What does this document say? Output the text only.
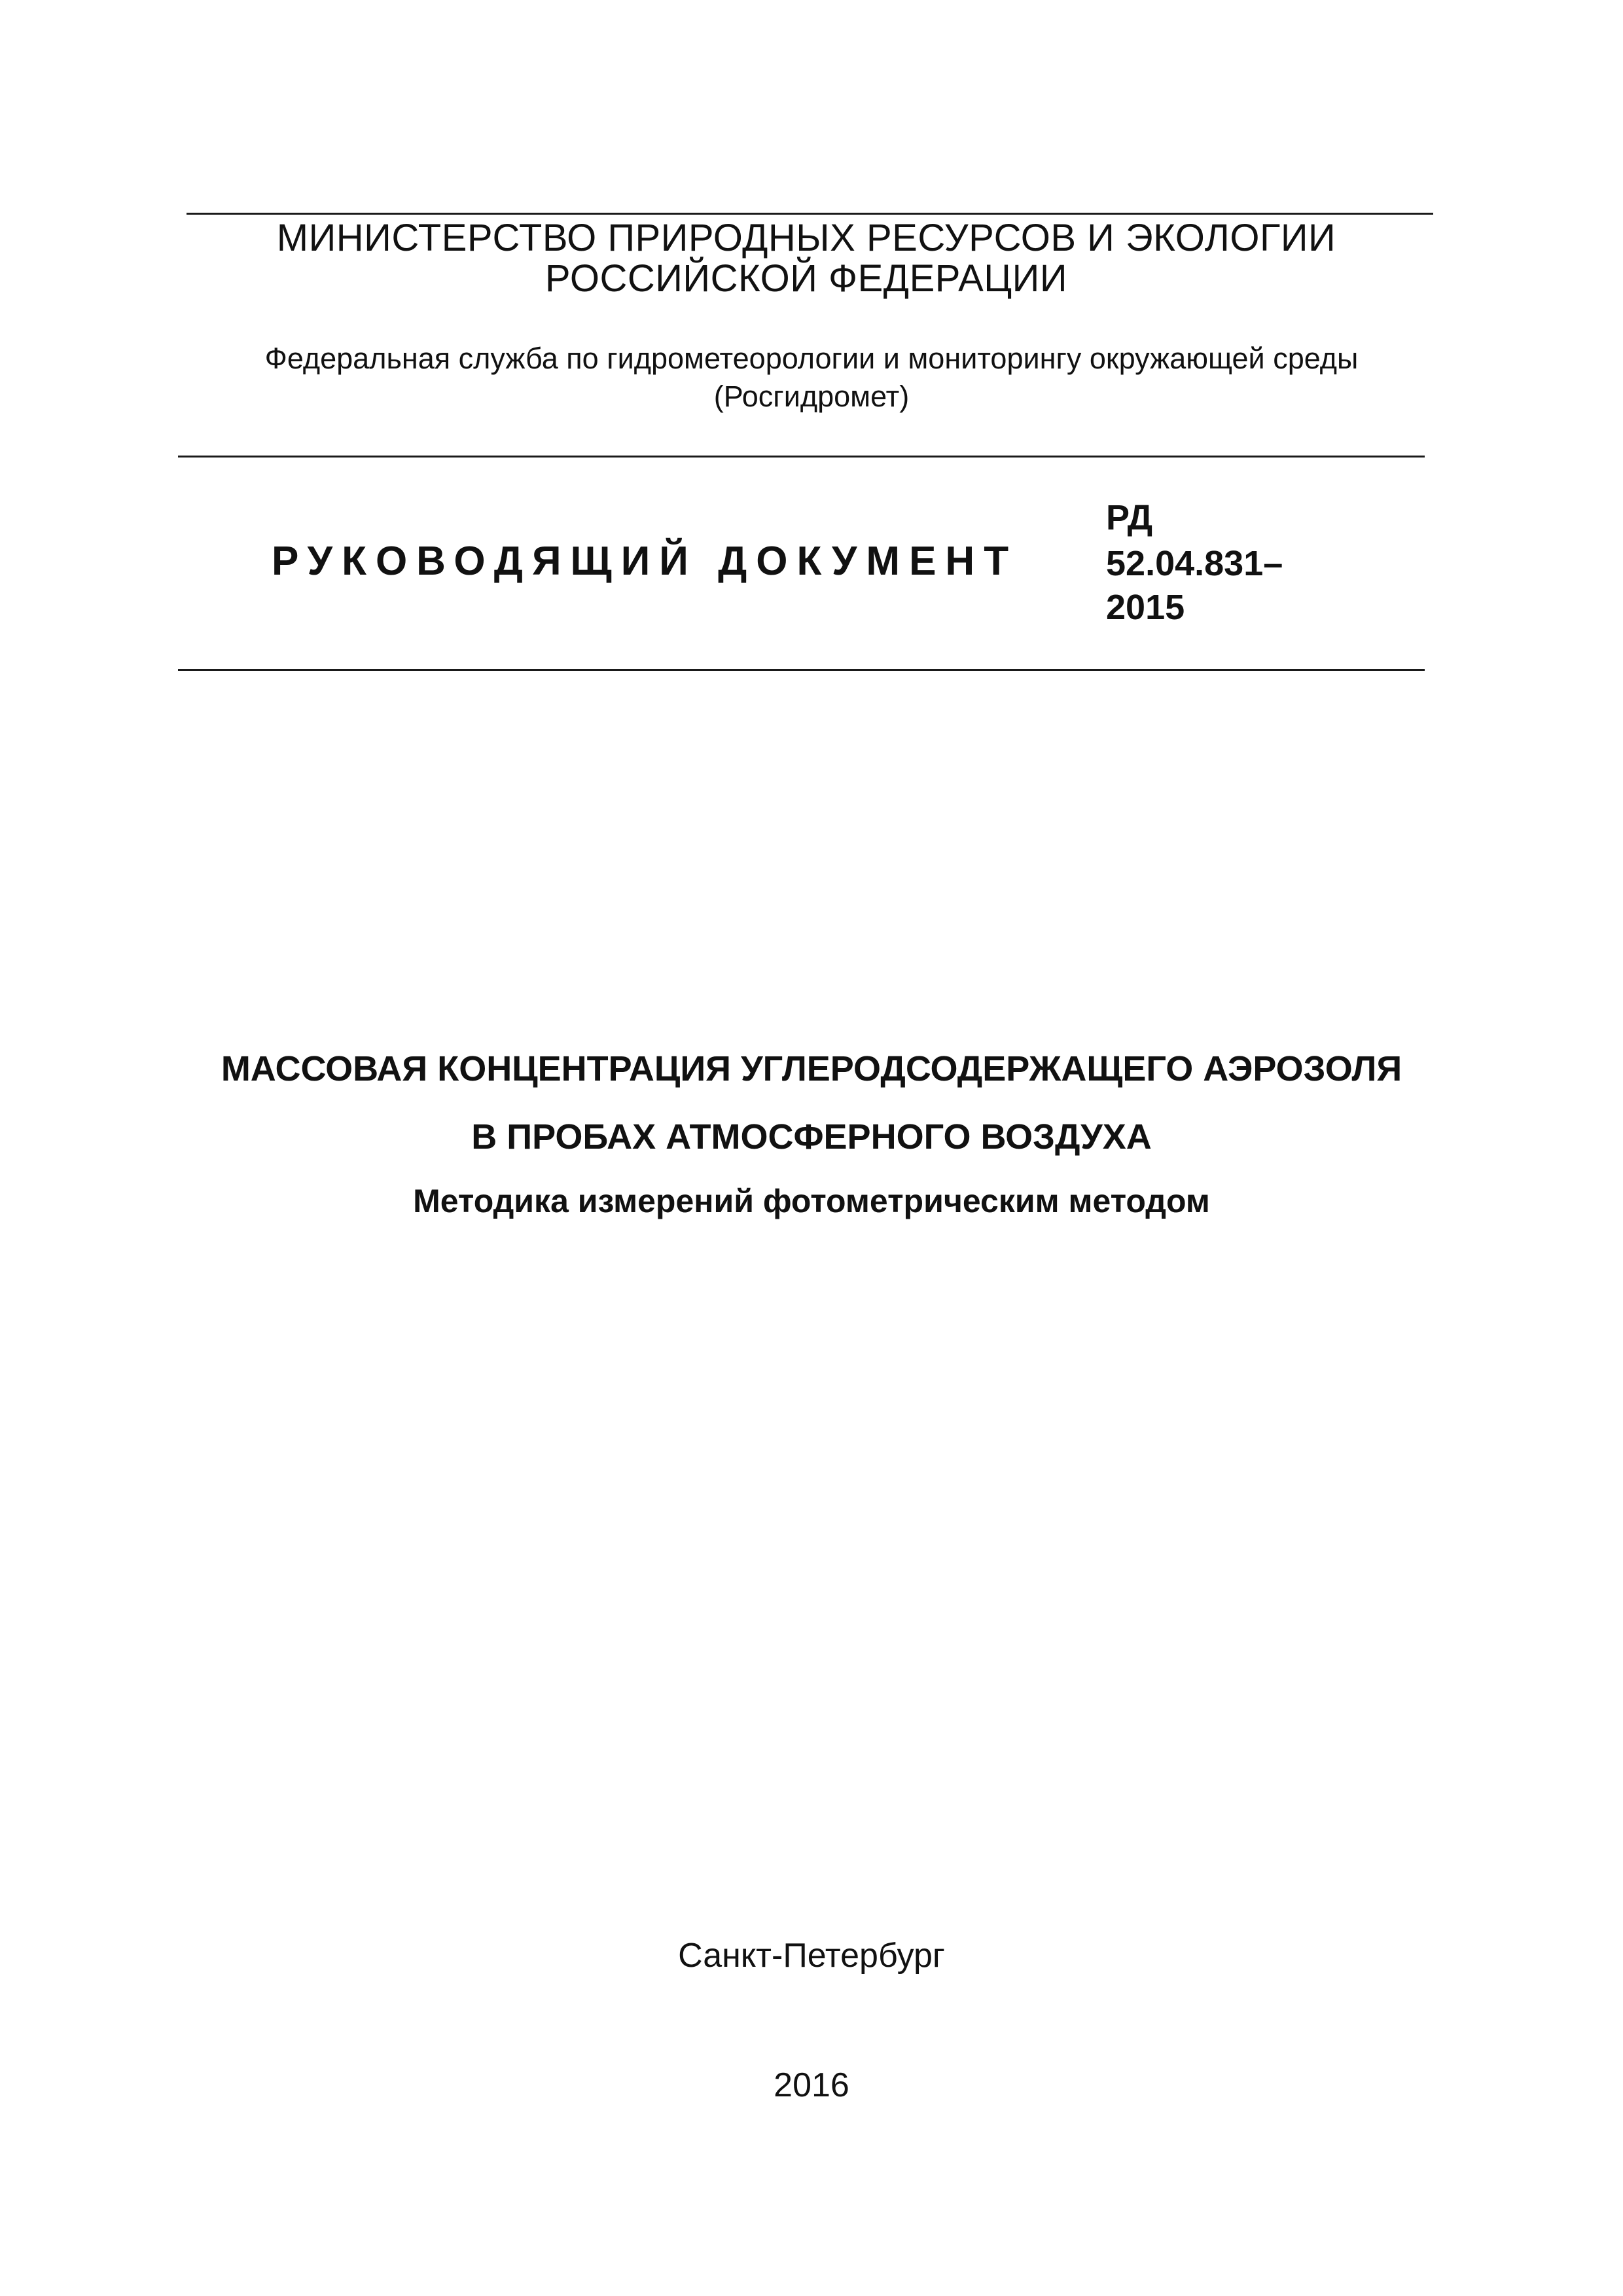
МИНИСТЕРСТВО ПРИРОДНЫХ РЕСУРСОВ И ЭКОЛОГИИ
РОССИЙСКОЙ ФЕДЕРАЦИИ
Федеральная служба по гидрометеорологии и мониторингу окружающей среды
(Росгидромет)
РУКОВОДЯЩИЙ ДОКУМЕНТ
РД
52.04.831–
2015
МАССОВАЯ КОНЦЕНТРАЦИЯ УГЛЕРОДСОДЕРЖАЩЕГО АЭРОЗОЛЯ
В ПРОБАХ АТМОСФЕРНОГО ВОЗДУХА
Методика измерений фотометрическим методом
Санкт-Петербург
2016
